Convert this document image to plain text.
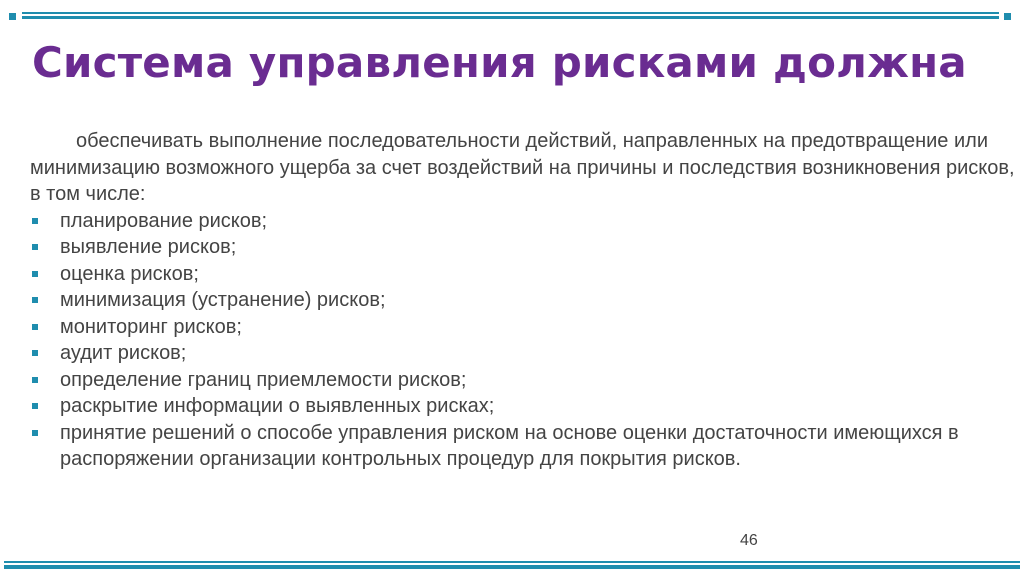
Система управления рисками должна

обеспечивать выполнение последовательности действий, направленных на предотвращение или минимизацию возможного ущерба за счет воздействий на причины и последствия возникновения рисков, в том числе:

планирование рисков;
выявление рисков;
оценка рисков;
минимизация (устранение) рисков;
мониторинг рисков;
аудит рисков;
определение границ приемлемости рисков;
раскрытие информации о выявленных рисках;
принятие решений о способе управления риском на основе оценки достаточности имеющихся в распоряжении организации контрольных процедур для покрытия рисков.
46
